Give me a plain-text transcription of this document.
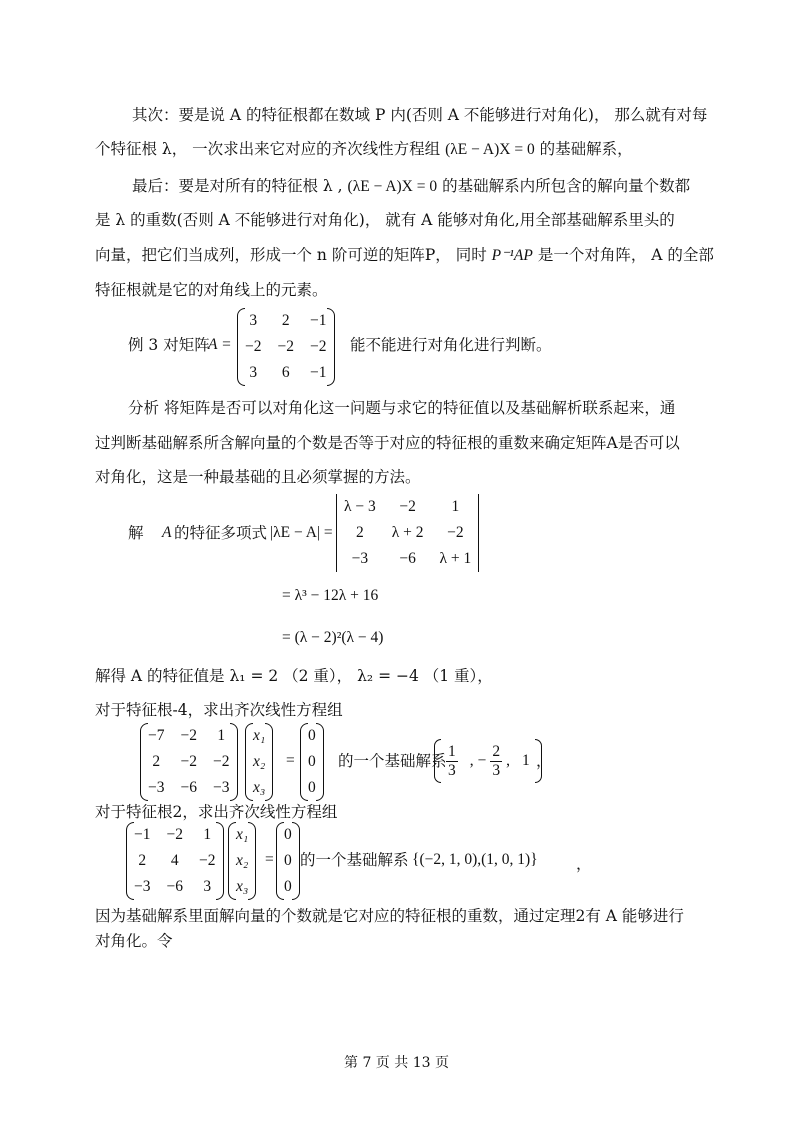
其次：要是说 A 的特征根都在数域 P 内(否则 A 不能够进行对角化)， 那么就有对每
个特征根 λ， 一次求出来它对应的齐次线性方程组 (λE − A)X = 0 的基础解系，
最后：要是对所有的特征根 λ , (λE − A)X = 0 的基础解系内所包含的解向量个数都
是 λ 的重数(否则 A 不能够进行对角化)， 就有 A 能够对角化,用全部基础解系里头的
向量，把它们当成列，形成一个 n 阶可逆的矩阵P， 同时 P⁻¹AP 是一个对角阵， A 的全部
特征根就是它的对角线上的元素。
例 3 对矩阵
A =
3	2	−1
−2	−2	−2
3	6	−1
能不能进行对角化进行判断。
分析 将矩阵是否可以对角化这一问题与求它的特征值以及基础解析联系起来，通
过判断基础解系所含解向量的个数是否等于对应的特征根的重数来确定矩阵A是否可以
对角化，这是一种最基础的且必须掌握的方法。
解 A 的特征多项式 |λE − A| =
λ − 3	−2	1
2	λ + 2	−2
−3	−6	λ + 1
= λ³ − 12λ + 16
= (λ − 2)²(λ − 4)
解得 A 的特征值是 λ₁ = 2 （2 重）， λ₂ = −4 （1 重），
对于特征根-4，求出齐次线性方程组
−7	−2	1
2	−2	−2
−3	−6	−3
x₁
x₂
x₃
=
0
0
0
的一个基础解系 $\frac{1}{3}$ , − $\frac{2}{3}$ , 1 ，
对于特征根2，求出齐次线性方程组
−1	−2	1
2	4	−2
−3	−6	3
x₁
x₂
x₃
=
0
0
0
的一个基础解系 {(−2, 1, 0),(1, 0, 1)} ，
因为基础解系里面解向量的个数就是它对应的特征根的重数，通过定理2有 A 能够进行
对角化。令
第 7 页 共 13 页
